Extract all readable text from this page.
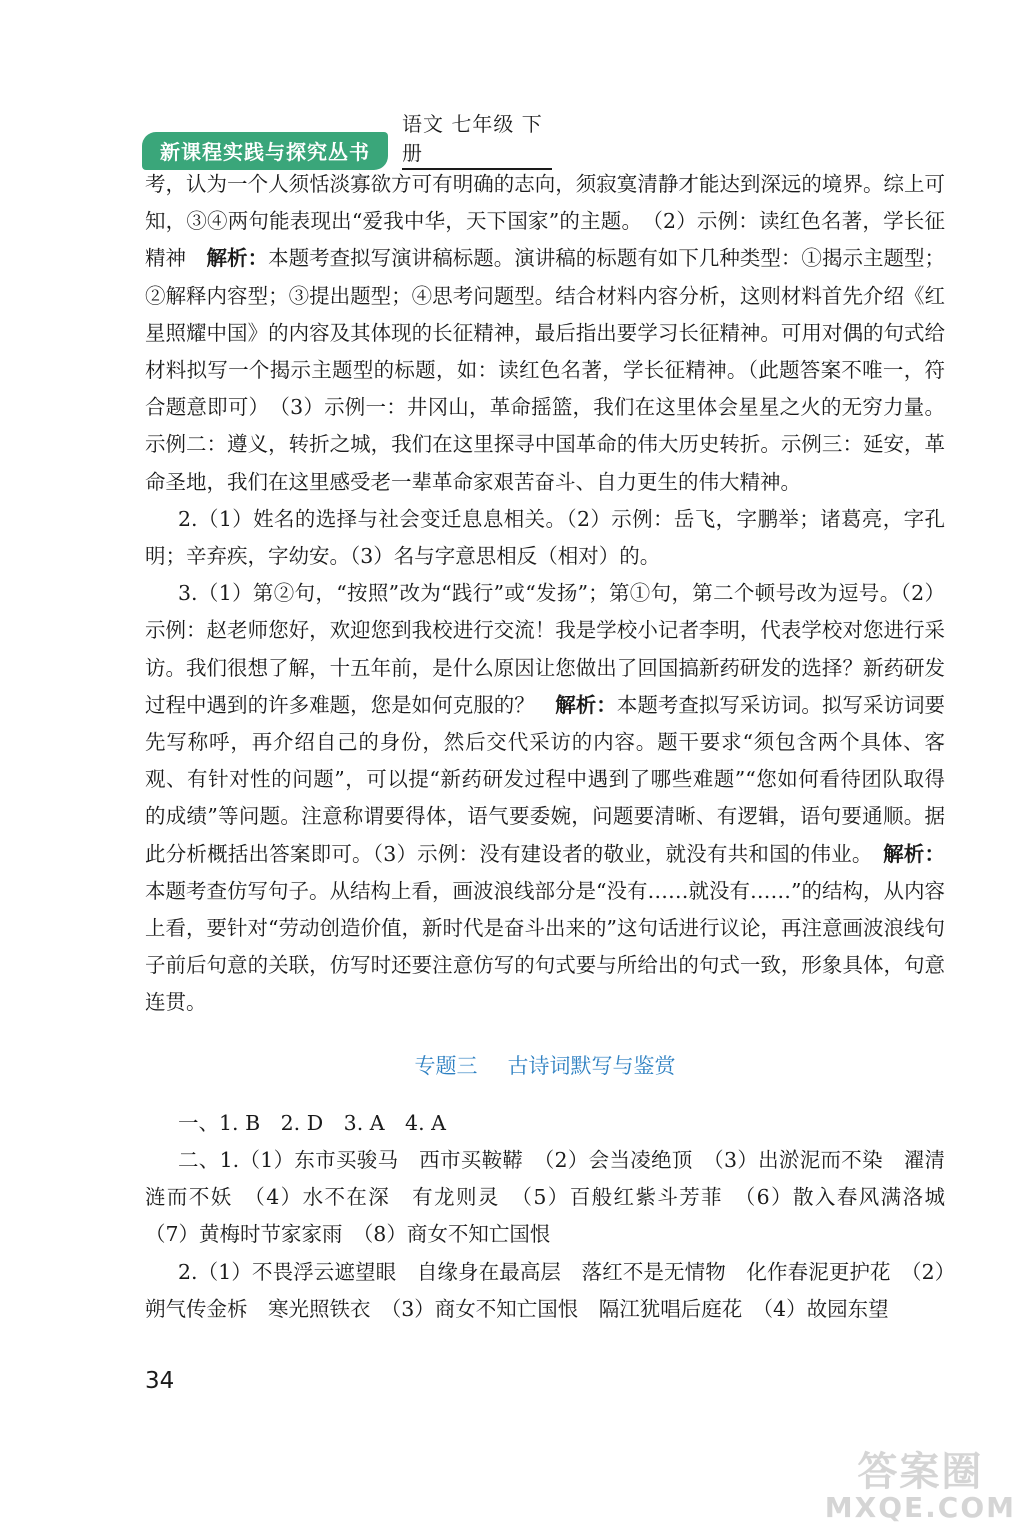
新课程实践与探究丛书
语文 七年级 下册

考，认为一个人须恬淡寡欲方可有明确的志向，须寂寞清静才能达到深远的境界。综上可知，③④两句能表现出“爱我中华，天下国家”的主题。　（2）示例：读红色名著，学长征精神　解析：本题考查拟写演讲稿标题。演讲稿的标题有如下几种类型：①揭示主题型；②解释内容型；③提出题型；④思考问题型。结合材料内容分析，这则材料首先介绍《红星照耀中国》的内容及其体现的长征精神，最后指出要学习长征精神。可用对偶的句式给材料拟写一个揭示主题型的标题，如：读红色名著，学长征精神。（此题答案不唯一，符合题意即可）　（3）示例一：井冈山，革命摇篮，我们在这里体会星星之火的无穷力量。示例二：遵义，转折之城，我们在这里探寻中国革命的伟大历史转折。示例三：延安，革命圣地，我们在这里感受老一辈革命家艰苦奋斗、自力更生的伟大精神。

2.（1）姓名的选择与社会变迁息息相关。（2）示例：岳飞，字鹏举；诸葛亮，字孔明；辛弃疾，字幼安。（3）名与字意思相反（相对）的。

3.（1）第②句，“按照”改为“践行”或“发扬”；第①句，第二个顿号改为逗号。（2）示例：赵老师您好，欢迎您到我校进行交流！我是学校小记者李明，代表学校对您进行采访。我们很想了解，十五年前，是什么原因让您做出了回国搞新药研发的选择？新药研发过程中遇到的许多难题，您是如何克服的？　解析：本题考查拟写采访词。拟写采访词要先写称呼，再介绍自己的身份，然后交代采访的内容。题干要求“须包含两个具体、客观、有针对性的问题”，可以提“新药研发过程中遇到了哪些难题”“您如何看待团队取得的成绩”等问题。注意称谓要得体，语气要委婉，问题要清晰、有逻辑，语句要通顺。据此分析概括出答案即可。（3）示例：没有建设者的敬业，就没有共和国的伟业。　解析：本题考查仿写句子。从结构上看，画波浪线部分是“没有……就没有……”的结构，从内容上看，要针对“劳动创造价值，新时代是奋斗出来的”这句话进行议论，再注意画波浪线句子前后句意的关联，仿写时还要注意仿写的句式要与所给出的句式一致，形象具体，句意连贯。

专题三 古诗词默写与鉴赏

一、1. B　2. D　3. A　4. A

二、1.（1）东市买骏马　西市买鞍鞯　（2）会当凌绝顶　（3）出淤泥而不染　濯清涟而不妖　（4）水不在深　有龙则灵　（5）百般红紫斗芳菲　（6）散入春风满洛城　（7）黄梅时节家家雨　（8）商女不知亡国恨

2.（1）不畏浮云遮望眼　自缘身在最高层　落红不是无情物　化作春泥更护花　（2）朔气传金柝　寒光照铁衣　（3）商女不知亡国恨　隔江犹唱后庭花　（4）故园东望

34
答案圈
MXQE.COM
